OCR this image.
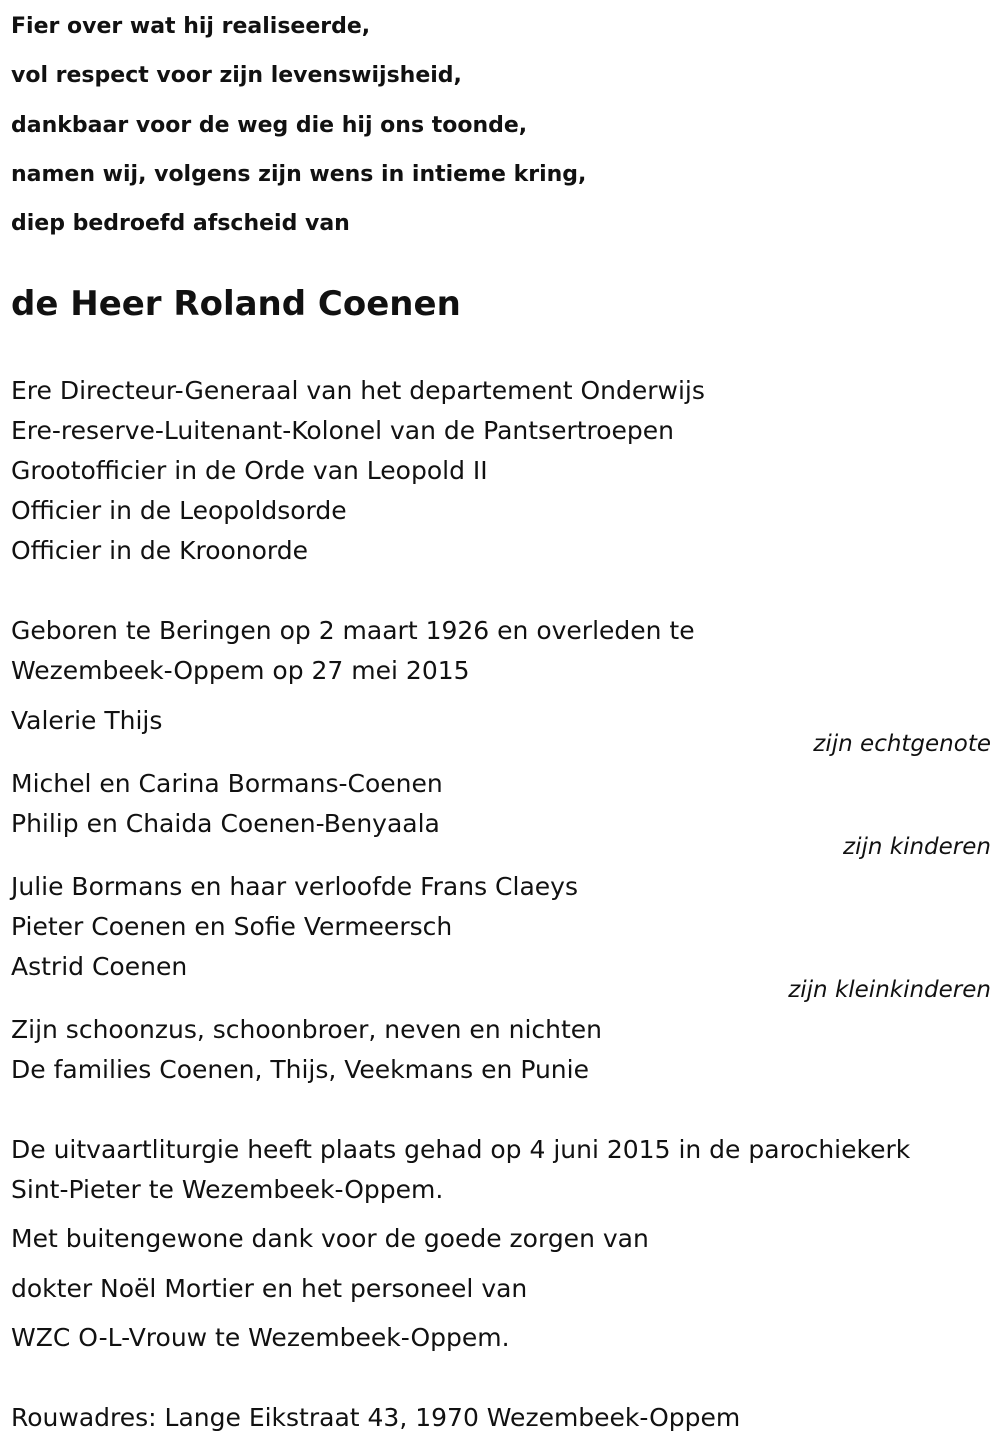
Fier over wat hij realiseerde,
vol respect voor zijn levenswijsheid,
dankbaar voor de weg die hij ons toonde,
namen wij, volgens zijn wens in intieme kring,
diep bedroefd afscheid van
de Heer Roland Coenen
Ere Directeur-Generaal van het departement Onderwijs
Ere-reserve-Luitenant-Kolonel van de Pantsertroepen
Grootofficier in de Orde van Leopold II
Officier in de Leopoldsorde
Officier in de Kroonorde
Geboren te Beringen op 2 maart 1926 en overleden te
Wezembeek-Oppem op 27 mei 2015
Valerie Thijs
zijn echtgenote
Michel en Carina Bormans-Coenen
Philip en Chaida Coenen-Benyaala
zijn kinderen
Julie Bormans en haar verloofde Frans Claeys
Pieter Coenen en Sofie Vermeersch
Astrid Coenen
zijn kleinkinderen
Zijn schoonzus, schoonbroer, neven en nichten
De families Coenen, Thijs, Veekmans en Punie
De uitvaartliturgie heeft plaats gehad op 4 juni 2015 in de parochiekerk
Sint-Pieter te Wezembeek-Oppem.
Met buitengewone dank voor de goede zorgen van
dokter Noël Mortier en het personeel van
WZC O-L-Vrouw te Wezembeek-Oppem.
Rouwadres: Lange Eikstraat 43, 1970 Wezembeek-Oppem
